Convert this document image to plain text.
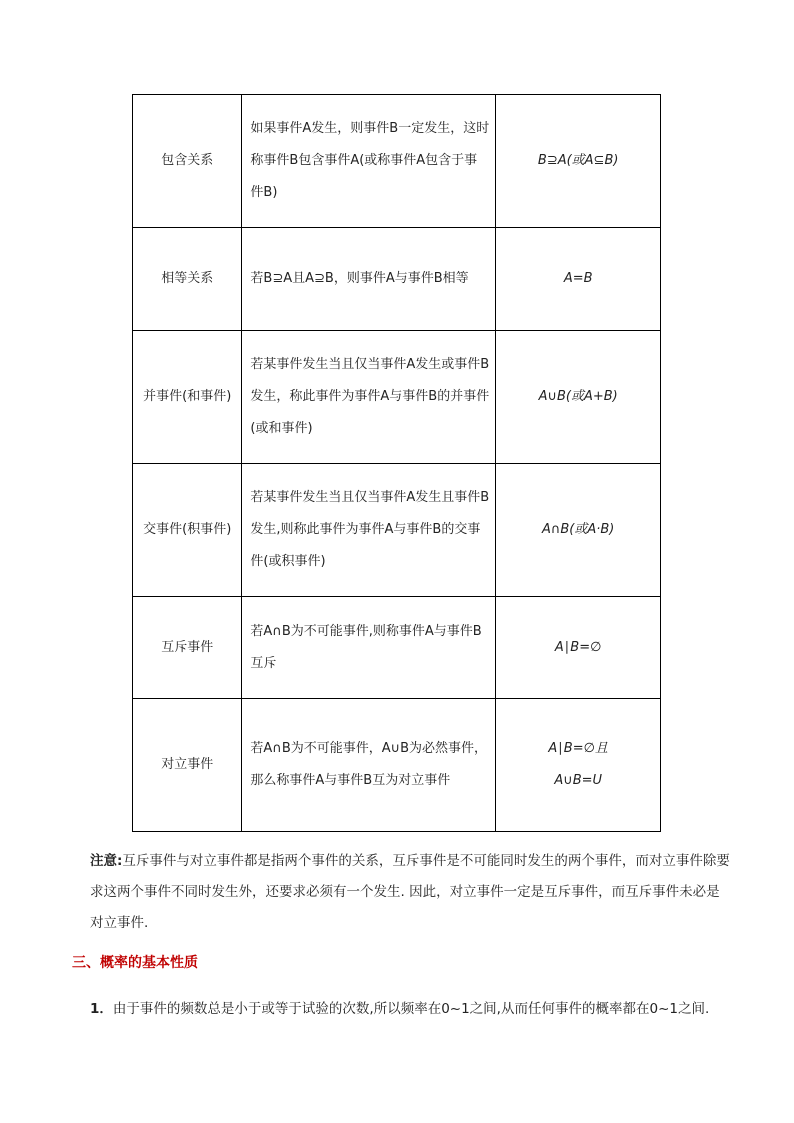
包含关系	如果事件A发生，则事件B一定发生，这时称事件B包含事件A(或称事件A包含于事件B)	B⊇A(或A⊆B)
相等关系	若B⊇A且A⊇B，则事件A与事件B相等	A=B
并事件(和事件)	若某事件发生当且仅当事件A发生或事件B发生，称此事件为事件A与事件B的并事件(或和事件)	A∪B(或A+B)
交事件(积事件)	若某事件发生当且仅当事件A发生且事件B发生,则称此事件为事件A与事件B的交事件(或积事件)	A∩B(或A·B)
互斥事件	若A∩B为不可能事件,则称事件A与事件B互斥	A∣B=∅
对立事件	若A∩B为不可能事件，A∪B为必然事件，那么称事件A与事件B互为对立事件	A∣B=∅且
A∪B=U
注意:互斥事件与对立事件都是指两个事件的关系，互斥事件是不可能同时发生的两个事件，而对立事件除要求这两个事件不同时发生外，还要求必须有一个发生. 因此，对立事件一定是互斥事件，而互斥事件未必是对立事件.
三、概率的基本性质
1．由于事件的频数总是小于或等于试验的次数,所以频率在0~1之间,从而任何事件的概率都在0~1之间.
